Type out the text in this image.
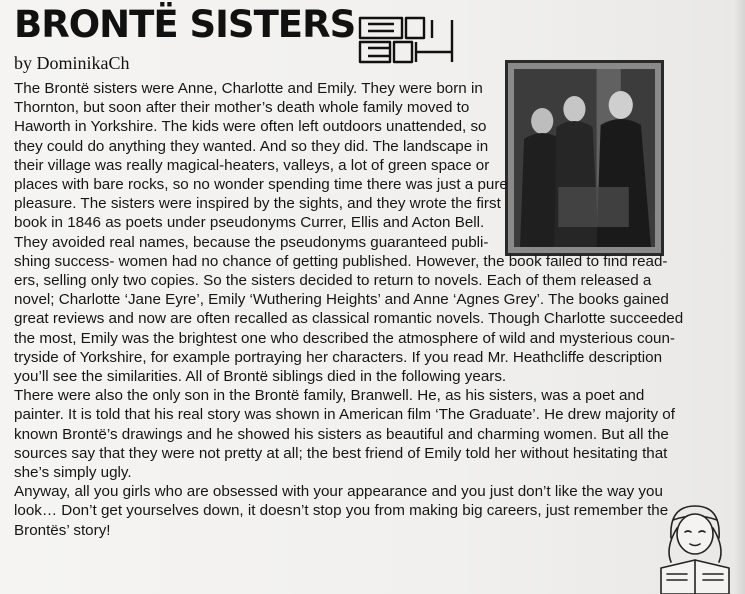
BRONTË SISTERS
by DominikaCh
The Brontë sisters were Anne, Charlotte and Emily. They were born in
Thornton, but soon after their mother’s death whole family moved to
Haworth in Yorkshire. The kids were often left outdoors unattended, so
they could do anything they wanted. And so they did. The landscape in
their village was really magical-heaters, valleys, a lot of green space or
places with bare rocks, so no wonder spending time there was just a pure
pleasure. The sisters were inspired by the sights, and they wrote the first
book in 1846 as poets under pseudonyms Currer, Ellis and Acton Bell.
They avoided real names, because the pseudonyms guaranteed publi-
shing success- women had no chance of getting published. However, the book failed to find read-
ers, selling only two copies. So the sisters decided to return to novels. Each of them released a
novel; Charlotte ‘Jane Eyre’, Emily ‘Wuthering Heights’ and Anne ‘Agnes Grey’. The books gained
great reviews and now are often recalled as classical romantic novels. Though Charlotte succeeded
the most, Emily was the brightest one who described the atmosphere of wild and mysterious coun-
tryside of Yorkshire, for example portraying her characters. If you read Mr. Heathcliffe description
you’ll see the similarities. All of Brontë siblings died in the following years.
There were also the only son in the Brontë family, Branwell. He, as his sisters, was a poet and
painter. It is told that his real story was shown in American film ‘The Graduate’. He drew majority of
known Brontë’s drawings and he showed his sisters as beautiful and charming women. But all the
sources say that they were not pretty at all; the best friend of Emily told her without hesitating that
she’s simply ugly.
Anyway, all you girls who are obsessed with your appearance and you just don’t like the way you
look… Don’t get yourselves down, it doesn’t stop you from making big careers, just remember the
Brontës’ story!
